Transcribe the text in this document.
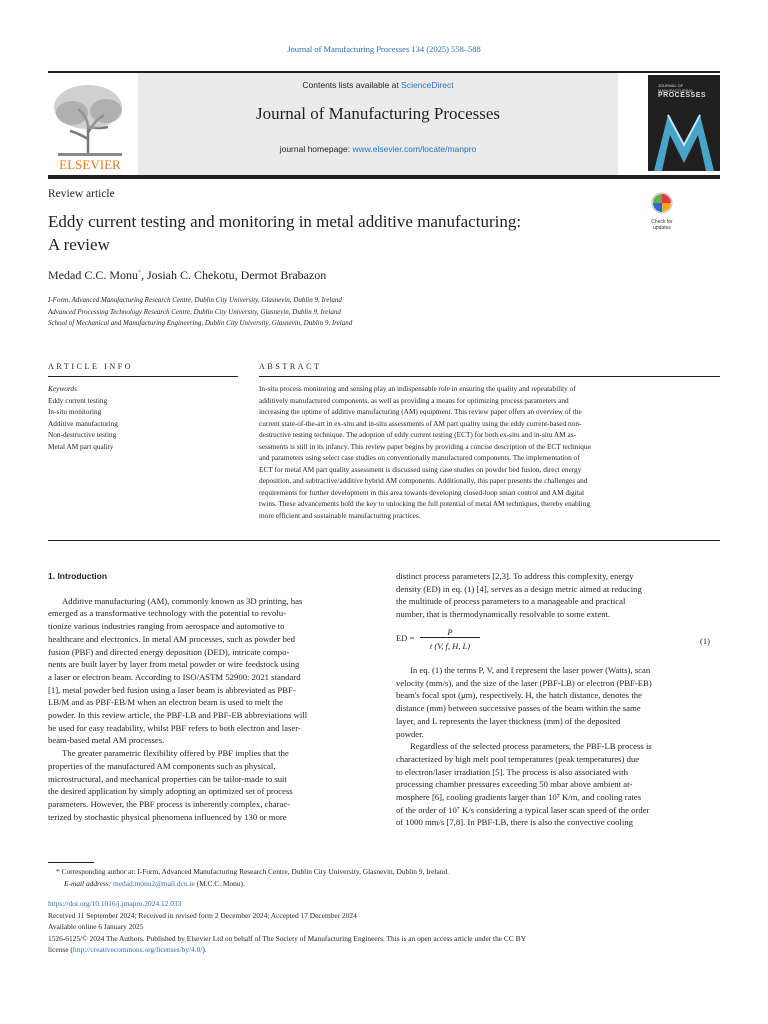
Journal of Manufacturing Processes 134 (2025) 558–588
ELSEVIER
Contents lists available at ScienceDirect
Journal of Manufacturing Processes
journal homepage: www.elsevier.com/locate/manpro
JOURNAL OF
MANUFACTURING
PROCESSES
Review article
Eddy current testing and monitoring in metal additive manufacturing:
A review
Check for
updates
Medad C.C. Monu*, Josiah C. Chekotu, Dermot Brabazon
I-Form, Advanced Manufacturing Research Centre, Dublin City University, Glasnevin, Dublin 9, Ireland
Advanced Processing Technology Research Centre, Dublin City University, Glasnevin, Dublin 9, Ireland
School of Mechanical and Manufacturing Engineering, Dublin City University, Glasnevin, Dublin 9, Ireland
ARTICLE INFO	ABSTRACT
Keywords
Eddy current testing
In-situ monitoring
Additive manufacturing
Non-destructive testing
Metal AM part quality
In-situ process monitoring and sensing play an indispensable role in ensuring the quality and repeatability of
additively manufactured components, as well as providing a means for optimizing process parameters and
increasing the uptime of additive manufacturing (AM) equipment. This review paper offers an overview of the
current state-of-the-art in ex-situ and in-situ assessments of AM part quality using the eddy current-based non-
destructive testing technique. The adoption of eddy current testing (ECT) for both ex-situ and in-situ AM as-
sessments is still in its infancy. This review paper begins by providing a concise description of the ECT technique
and parameters using select case studies on conventionally manufactured components. The implementation of
ECT for metal AM part quality assessment is discussed using case studies on powder bed fusion, direct energy
deposition, and subtractive/additive hybrid AM components. Additionally, this paper presents the challenges and
requirements for further development in this area towards developing closed-loop smart control and AM digital
twins. These advancements hold the key to unlocking the full potential of metal AM techniques, thereby enabling
more efficient and sustainable manufacturing practices.
1. Introduction
Additive manufacturing (AM), commonly known as 3D printing, has
emerged as a transformative technology with the potential to revolu-
tionize various industries ranging from aerospace and automotive to
healthcare and electronics. In metal AM processes, such as powder bed
fusion (PBF) and directed energy deposition (DED), intricate compo-
nents are built layer by layer from metal powder or wire feedstock using
a laser or electron beam. According to ISO/ASTM 52900: 2021 standard
[1], metal powder bed fusion using a laser beam is abbreviated as PBF-
LB/M and as PBF-EB/M when an electron beam is used to melt the
powder. In this review article, the PBF-LB and PBF-EB abbreviations will
be used for easy readability, whilst PBF refers to both electron and laser-
beam-based metal AM processes.
The greater parametric flexibility offered by PBF implies that the
properties of the manufactured AM components such as physical,
microstructural, and mechanical properties can be tailor-made to suit
the desired application by simply adopting an optimized set of process
parameters. However, the PBF process is inherently complex, charac-
terized by stochastic physical phenomena influenced by 130 or more
distinct process parameters [2,3]. To address this complexity, energy
density (ED) in eq. (1) [4], serves as a design metric aimed at reducing
the multitude of process parameters to a manageable and practical
number, that is thermodynamically resolvable to some extent.
ED =
P
t (V, f, H, L)	(1)
In eq. (1) the terms P, V, and f represent the laser power (Watts), scan
velocity (mm/s), and the size of the laser (PBF-LB) or electron (PBF-EB)
beam's focal spot (μm), respectively. H, the hatch distance, denotes the
distance (mm) between successive passes of the beam within the same
layer, and L represents the layer thickness (mm) of the deposited
powder.
Regardless of the selected process parameters, the PBF-LB process is
characterized by high melt pool temperatures (peak temperatures) due
to electron/laser irradiation [5]. The process is also associated with
processing chamber pressures exceeding 50 mbar above ambient at-
mosphere [6], cooling gradients larger than 10⁷ K/m, and cooling rates
of the order of 10⁷ K/s considering a typical laser scan speed of the order
of 1000 mm/s [7,8]. In PBF-LB, there is also the convective cooling
* Corresponding author at: I-Form, Advanced Manufacturing Research Centre, Dublin City University, Glasnevin, Dublin 9, Ireland.
E-mail address: medad.monu2@mail.dcu.ie (M.C.C. Monu).
https://doi.org/10.1016/j.jmapro.2024.12.033
Received 11 September 2024; Received in revised form 2 December 2024; Accepted 17 December 2024
Available online 6 January 2025
1526-6125/© 2024 The Authors. Published by Elsevier Ltd on behalf of The Society of Manufacturing Engineers. This is an open access article under the CC BY
license (http://creativecommons.org/licenses/by/4.0/).
